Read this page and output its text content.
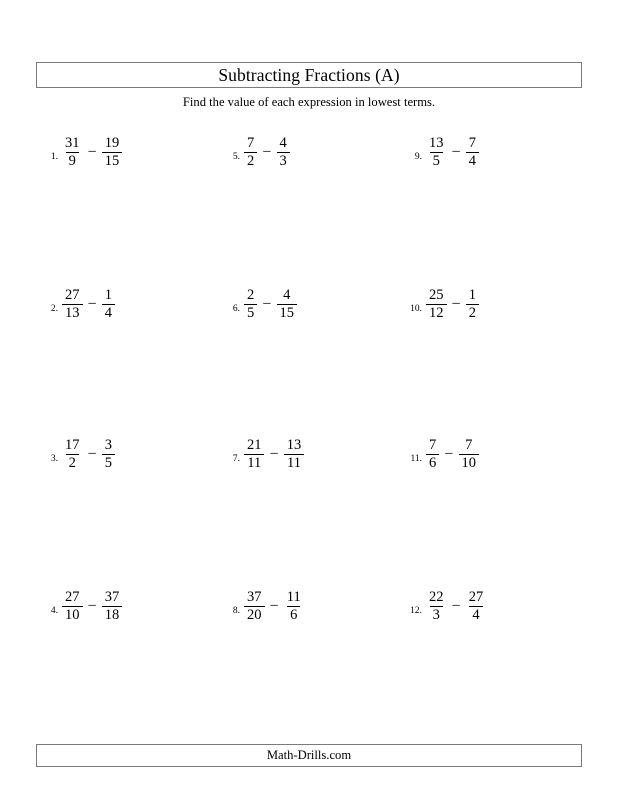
Subtracting Fractions (A)
Find the value of each expression in lowest terms.
1. $\frac{31}{9} - \frac{19}{15}$	5. $\frac{7}{2} - \frac{4}{3}$	9. $\frac{13}{5} - \frac{7}{4}$
2. $\frac{27}{13} - \frac{1}{4}$	6. $\frac{2}{5} - \frac{4}{15}$	10. $\frac{25}{12} - \frac{1}{2}$
3. $\frac{17}{2} - \frac{3}{5}$	7. $\frac{21}{11} - \frac{13}{11}$	11. $\frac{7}{6} - \frac{7}{10}$
4. $\frac{27}{10} - \frac{37}{18}$	8. $\frac{37}{20} - \frac{11}{6}$	12. $\frac{22}{3} - \frac{27}{4}$
Math-Drills.com
